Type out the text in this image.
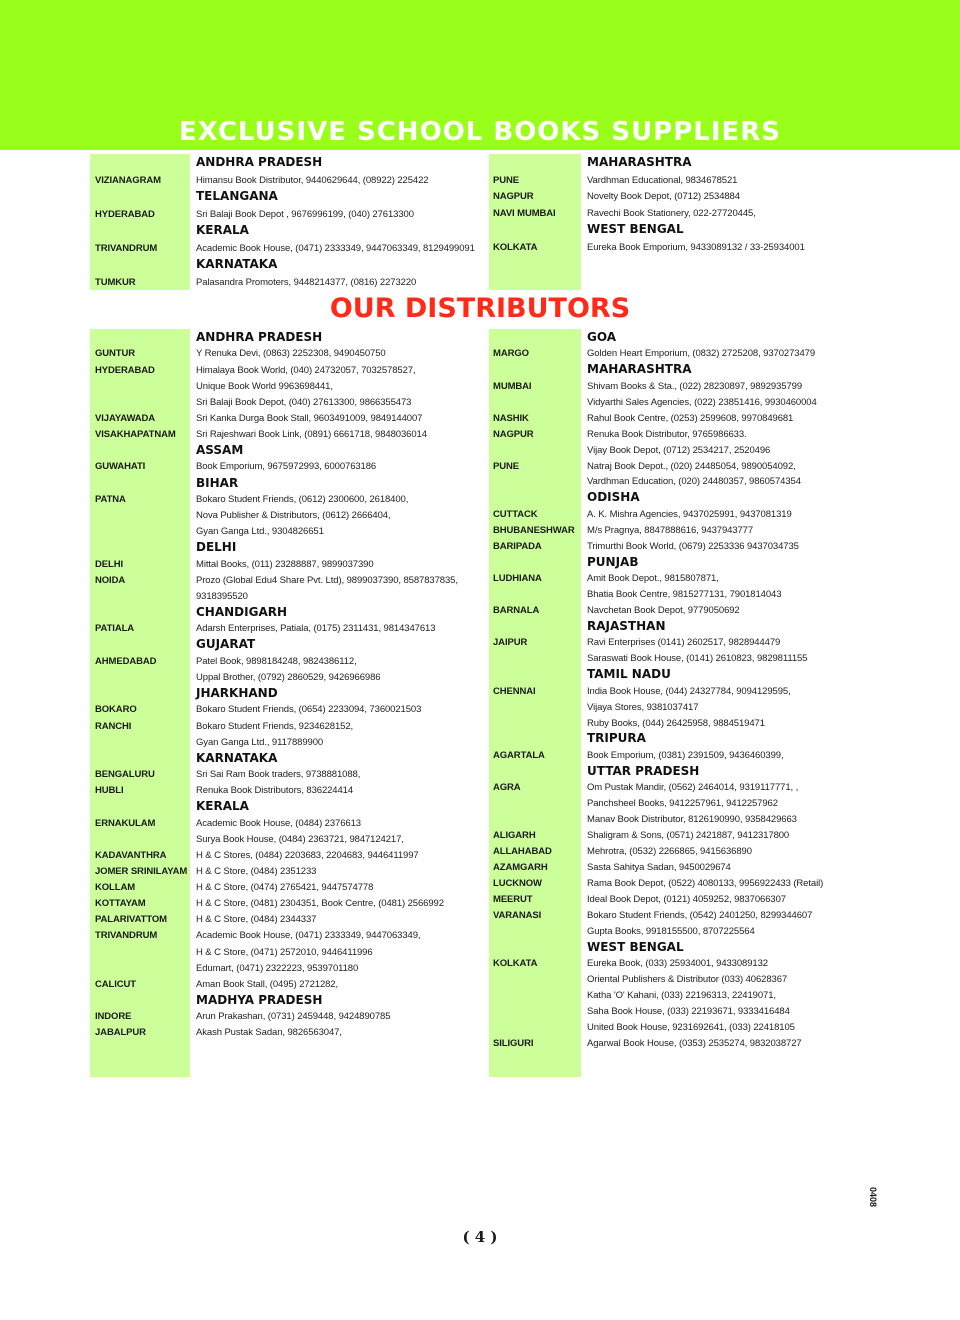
EXCLUSIVE SCHOOL BOOKS SUPPLIERS
OUR DISTRIBUTORS
ANDHRA PRADESH
VIZIANAGRAM	Himansu Book Distributor, 9440629644, (08922) 225422
TELANGANA
HYDERABAD	Sri Balaji Book Depot , 9676996199, (040) 27613300
KERALA
TRIVANDRUM	Academic Book House, (0471) 2333349, 9447063349, 8129499091
KARNATAKA
TUMKUR	Palasandra Promoters, 9448214377, (0816) 2273220
MAHARASHTRA
PUNE	Vardhman Educational, 9834678521
NAGPUR	Novelty Book Depot, (0712) 2534884
NAVI MUMBAI	Ravechi Book Stationery, 022-27720445,
WEST BENGAL
KOLKATA	Eureka Book Emporium, 9433089132 / 33-25934001
ANDHRA PRADESH
GUNTUR	Y Renuka Devi, (0863) 2252308, 9490450750
HYDERABAD	Himalaya Book World, (040) 24732057, 7032578527,
Unique Book World 9963698441,
Sri Balaji Book Depot, (040) 27613300, 9866355473
VIJAYAWADA	Sri Kanka Durga Book Stall, 9603491009, 9849144007
VISAKHAPATNAM Sri Rajeshwari Book Link, (0891) 6661718, 9848036014
ASSAM
GUWAHATI	Book Emporium, 9675972993, 6000763186
BIHAR
PATNA	Bokaro Student Friends, (0612) 2300600, 2618400,
Nova Publisher & Distributors, (0612) 2666404,
Gyan Ganga Ltd., 9304826651
DELHI
DELHI	Mittal Books, (011) 23288887, 9899037390
NOIDA	Prozo (Global Edu4 Share Pvt. Ltd), 9899037390, 8587837835,
9318395520
CHANDIGARH
PATIALA	Adarsh Enterprises, Patiala, (0175) 2311431, 9814347613
GUJARAT
AHMEDABAD	Patel Book, 9898184248, 9824386112,
Uppal Brother, (0792) 2860529, 9426966986
JHARKHAND
BOKARO	Bokaro Student Friends, (0654) 2233094, 7360021503
RANCHI	Bokaro Student Friends, 9234628152,
Gyan Ganga Ltd., 9117889900
KARNATAKA
BENGALURU	Sri Sai Ram Book traders, 9738881088,
HUBLI	Renuka Book Distributors, 836224414
KERALA
ERNAKULAM	Academic Book House, (0484) 2376613
Surya Book House, (0484) 2363721, 9847124217,
KADAVANTHRA	H & C Stores, (0484) 2203683, 2204683, 9446411997
JOMER SRINILAYAM H & C Store, (0484) 2351233
KOLLAM	H & C Store, (0474) 2765421, 9447574778
KOTTAYAM	H & C Store, (0481) 2304351, Book Centre, (0481) 2566992
PALARIVATTOM	H & C Store, (0484) 2344337
TRIVANDRUM	Academic Book House, (0471) 2333349, 9447063349,
H & C Store, (0471) 2572010, 9446411996
Edumart, (0471) 2322223, 9539701180
CALICUT	Aman Book Stall, (0495) 2721282,
MADHYA PRADESH
INDORE	Arun Prakashan, (0731) 2459448, 9424890785
JABALPUR	Akash Pustak Sadan, 9826563047,
GOA
MARGO	Golden Heart Emporium, (0832) 2725208, 9370273479
MAHARASHTRA
MUMBAI	Shivam Books & Sta., (022) 28230897, 9892935799
Vidyarthi Sales Agencies, (022) 23851416, 9930460004
NASHIK	Rahul Book Centre, (0253) 2599608, 9970849681
NAGPUR	Renuka Book Distributor, 9765986633.
Vijay Book Depot, (0712) 2534217, 2520496
PUNE	Natraj Book Depot., (020) 24485054, 9890054092,
Vardhman Education, (020) 24480357, 9860574354
ODISHA
CUTTACK	A. K. Mishra Agencies, 9437025991, 9437081319
BHUBANESHWAR M/s Pragnya, 8847888616, 9437943777
BARIPADA	Trimurthi Book World, (0679) 2253336 9437034735
PUNJAB
LUDHIANA	Amit Book Depot., 9815807871,
Bhatia Book Centre, 9815277131, 7901814043
BARNALA	Navchetan Book Depot, 9779050692
RAJASTHAN
JAIPUR	Ravi Enterprises (0141) 2602517, 9828944479
Saraswati Book House, (0141) 2610823, 9829811155
TAMIL NADU
CHENNAI	India Book House, (044) 24327784, 9094129595,
Vijaya Stores, 9381037417
Ruby Books, (044) 26425958, 9884519471
TRIPURA
AGARTALA	Book Emporium, (0381) 2391509, 9436460399,
UTTAR PRADESH
AGRA	Om Pustak Mandir, (0562) 2464014, 9319117771, ,
Panchsheel Books, 9412257961, 9412257962
Manav Book Distributor, 8126190990, 9358429663
ALIGARH	Shaligram & Sons, (0571) 2421887, 9412317800
ALLAHABAD	Mehrotra, (0532) 2266865, 9415636890
AZAMGARH	Sasta Sahitya Sadan, 9450029674
LUCKNOW	Rama Book Depot, (0522) 4080133, 9956922433 (Retail)
MEERUT	Ideal Book Depot, (0121) 4059252, 9837066307
VARANASI	Bokaro Student Friends, (0542) 2401250, 8299344607
Gupta Books, 9918155500, 8707225564
WEST BENGAL
KOLKATA	Eureka Book, (033) 25934001, 9433089132
Oriental Publishers & Distributor (033) 40628367
Katha 'O' Kahani, (033) 22196313, 22419071,
Saha Book House, (033) 22193671, 9333416484
United Book House, 9231692641, (033) 22418105
SILIGURI	Agarwal Book House, (0353) 2535274, 9832038727
0408
( 4 )
